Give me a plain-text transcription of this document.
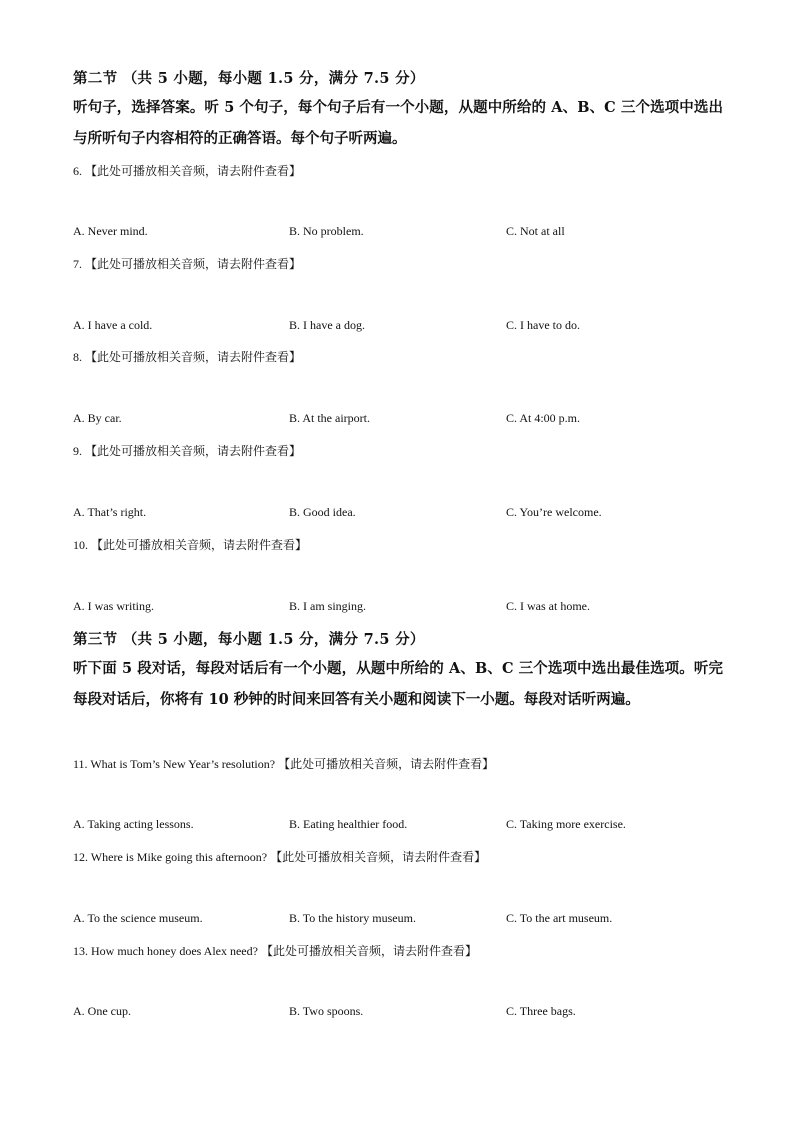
第二节 （共 5 小题，每小题 1.5 分，满分 7.5 分）
听句子，选择答案。听 5 个句子，每个句子后有一个小题，从题中所给的 A、B、C 三个选项中选出与所听句子内容相符的正确答语。每个句子听两遍。
6. 【此处可播放相关音频，请去附件查看】
A. Never mind.	B. No problem.	C. Not at all
7. 【此处可播放相关音频，请去附件查看】
A. I have a cold.	B. I have a dog.	C. I have to do.
8. 【此处可播放相关音频，请去附件查看】
A. By car.	B. At the airport.	C. At 4:00 p.m.
9. 【此处可播放相关音频，请去附件查看】
A. That’s right.	B. Good idea.	C. You’re welcome.
10. 【此处可播放相关音频，请去附件查看】
A. I was writing.	B. I am singing.	C. I was at home.
第三节 （共 5 小题，每小题 1.5 分，满分 7.5 分）
听下面 5 段对话，每段对话后有一个小题，从题中所给的 A、B、C 三个选项中选出最佳选项。听完每段对话后，你将有 10 秒钟的时间来回答有关小题和阅读下一小题。每段对话听两遍。
11. What is Tom’s New Year’s resolution? 【此处可播放相关音频，请去附件查看】
A. Taking acting lessons.	B. Eating healthier food.	C. Taking more exercise.
12. Where is Mike going this afternoon? 【此处可播放相关音频，请去附件查看】
A. To the science museum.	B. To the history museum.	C. To the art museum.
13. How much honey does Alex need? 【此处可播放相关音频，请去附件查看】
A. One cup.	B. Two spoons.	C. Three bags.
